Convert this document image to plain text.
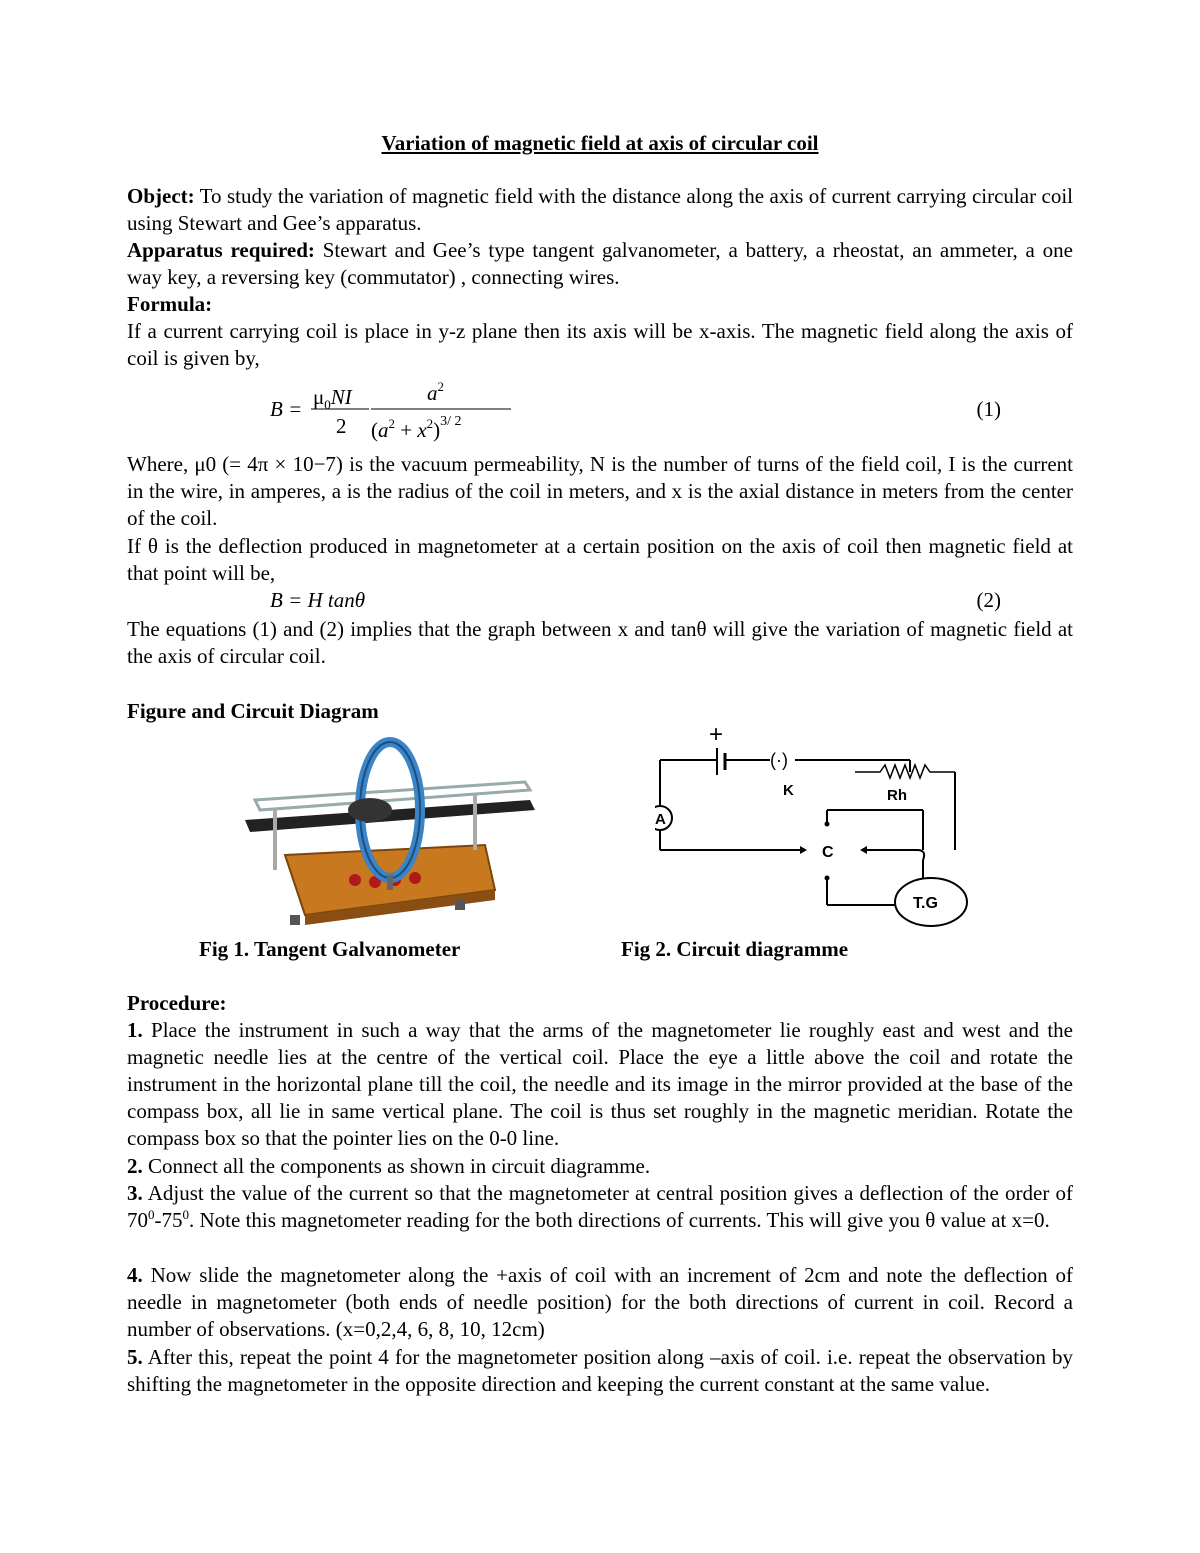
Variation of magnetic field at axis of circular coil
Object: To study the variation of magnetic field with the distance along the axis of current carrying circular coil using Stewart and Gee’s apparatus.
Apparatus required: Stewart and Gee’s type tangent galvanometer, a battery, a rheostat, an ammeter, a one way key, a reversing key (commutator) , connecting wires.
Formula:
If a current carrying coil is place in y-z plane then its axis will be x-axis. The magnetic field along the axis of coil is given by,
$B = \mu_0NI$
2
$a^2$
$(a^2 + x^2)^{3/ 2}$
(1)
Where, μ0 (= 4π × 10−7) is the vacuum permeability, N is the number of turns of the field coil, I is the current in the wire, in amperes, a is the radius of the coil in meters, and x is the axial distance in meters from the center of the coil.
If θ is the deflection produced in magnetometer at a certain position on the axis of coil then magnetic field at that point will be,
B = H tanθ	(2)
The equations (1) and (2) implies that the graph between x and tanθ will give the variation of magnetic field at the axis of circular coil.
Figure and Circuit Diagram
+
(·)
K	Rh
A
C
T.G
Fig 1. Tangent Galvanometer	Fig 2. Circuit diagramme
Procedure:
1. Place the instrument in such a way that the arms of the magnetometer lie roughly east and west and the magnetic needle lies at the centre of the vertical coil. Place the eye a little above the coil and rotate the instrument in the horizontal plane till the coil, the needle and its image in the mirror provided at the base of the compass box, all lie in same vertical plane. The coil is thus set roughly in the magnetic meridian. Rotate the compass box so that the pointer lies on the 0-0 line.
2. Connect all the components as shown in circuit diagramme.
3. Adjust the value of the current so that the magnetometer at central position gives a deflection of the order of $70^0-75^0$. Note this magnetometer reading for the both directions of currents. This will give you θ value at x=0.
4. Now slide the magnetometer along the +axis of coil with an increment of 2cm and note the deflection of needle in magnetometer (both ends of needle position) for the both directions of current in coil. Record a number of observations. (x=0,2,4, 6, 8, 10, 12cm)
5. After this, repeat the point 4 for the magnetometer position along –axis of coil. i.e. repeat the observation by shifting the magnetometer in the opposite direction and keeping the current constant at the same value.
